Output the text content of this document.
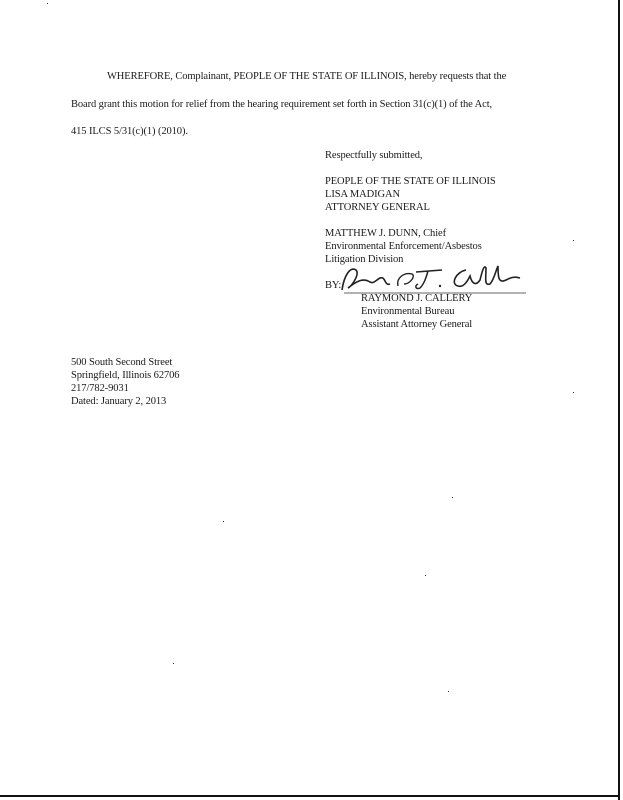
WHEREFORE, Complainant, PEOPLE OF THE STATE OF ILLINOIS, hereby requests that the
Board grant this motion for relief from the hearing requirement set forth in Section 31(c)(1) of the Act,
415 ILCS 5/31(c)(1) (2010).
Respectfully submitted,
PEOPLE OF THE STATE OF ILLINOIS
LISA MADIGAN
ATTORNEY GENERAL
MATTHEW J. DUNN, Chief
Environmental Enforcement/Asbestos
Litigation Division
BY:
RAYMOND J. CALLERY
Environmental Bureau
Assistant Attorney General
500 South Second Street
Springfield, Illinois 62706
217/782-9031
Dated: January 2, 2013
